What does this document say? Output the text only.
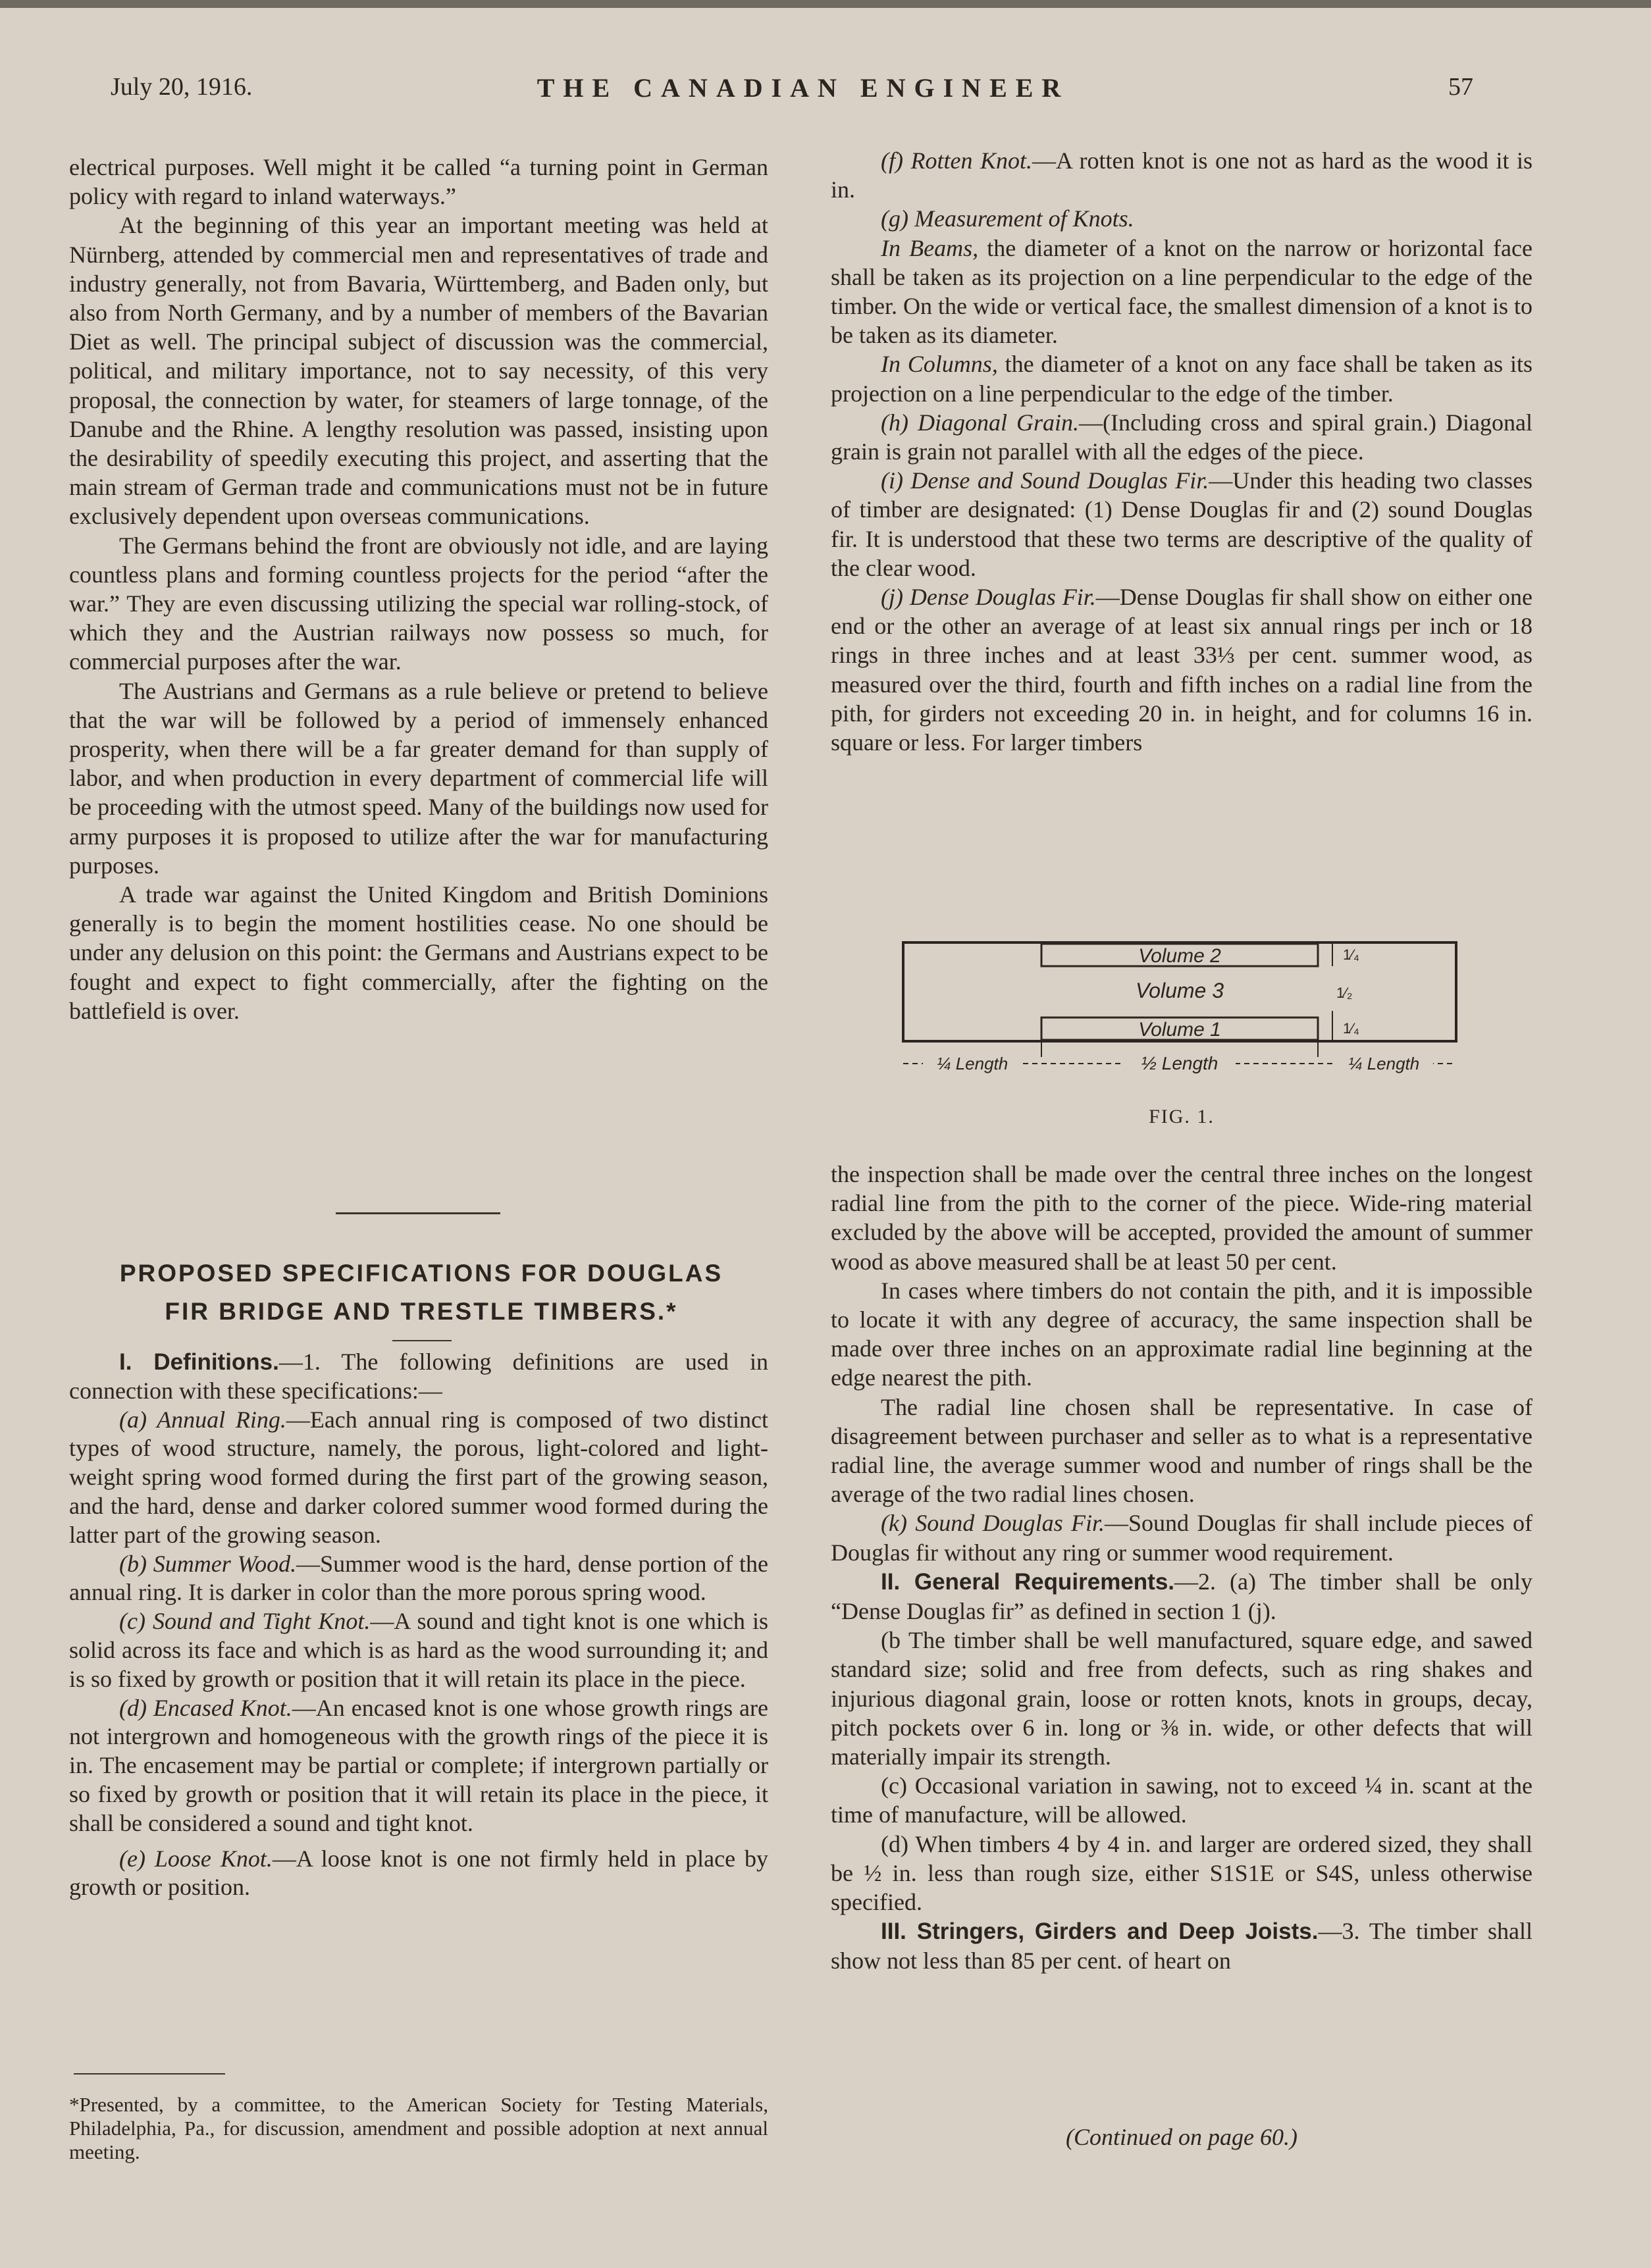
July 20, 1916.	THE CANADIAN ENGINEER	57

electrical purposes. Well might it be called “a turning point in German policy with regard to inland waterways.”

At the beginning of this year an important meeting was held at Nürnberg, attended by commercial men and representatives of trade and industry generally, not from Bavaria, Württemberg, and Baden only, but also from North Germany, and by a number of members of the Bavarian Diet as well. The principal subject of discussion was the commercial, political, and military importance, not to say necessity, of this very proposal, the connection by water, for steamers of large tonnage, of the Danube and the Rhine. A lengthy resolution was passed, insisting upon the desirability of speedily executing this project, and asserting that the main stream of German trade and communications must not be in future exclusively dependent upon overseas communications.

The Germans behind the front are obviously not idle, and are laying countless plans and forming countless projects for the period “after the war.” They are even discussing utilizing the special war rolling-stock, of which they and the Austrian railways now possess so much, for commercial purposes after the war.

The Austrians and Germans as a rule believe or pretend to believe that the war will be followed by a period of immensely enhanced prosperity, when there will be a far greater demand for than supply of labor, and when production in every department of commercial life will be proceeding with the utmost speed. Many of the buildings now used for army purposes it is proposed to utilize after the war for manufacturing purposes.

A trade war against the United Kingdom and British Dominions generally is to begin the moment hostilities cease. No one should be under any delusion on this point: the Germans and Austrians expect to be fought and expect to fight commercially, after the fighting on the battlefield is over.

PROPOSED SPECIFICATIONS FOR DOUGLAS
FIR BRIDGE AND TRESTLE TIMBERS.*

I. Definitions.—1. The following definitions are used in connection with these specifications:—

(a) Annual Ring.—Each annual ring is composed of two distinct types of wood structure, namely, the porous, light-colored and light-weight spring wood formed during the first part of the growing season, and the hard, dense and darker colored summer wood formed during the latter part of the growing season.

(b) Summer Wood.—Summer wood is the hard, dense portion of the annual ring. It is darker in color than the more porous spring wood.

(c) Sound and Tight Knot.—A sound and tight knot is one which is solid across its face and which is as hard as the wood surrounding it; and is so fixed by growth or position that it will retain its place in the piece.

(d) Encased Knot.—An encased knot is one whose growth rings are not intergrown and homogeneous with the growth rings of the piece it is in. The encasement may be partial or complete; if intergrown partially or so fixed by growth or position that it will retain its place in the piece, it shall be considered a sound and tight knot.

(e) Loose Knot.—A loose knot is one not firmly held in place by growth or position.

*Presented, by a committee, to the American Society for Testing Materials, Philadelphia, Pa., for discussion, amendment and possible adoption at next annual meeting.

(f) Rotten Knot.—A rotten knot is one not as hard as the wood it is in.

(g) Measurement of Knots.

In Beams, the diameter of a knot on the narrow or horizontal face shall be taken as its projection on a line perpendicular to the edge of the timber. On the wide or vertical face, the smallest dimension of a knot is to be taken as its diameter.

In Columns, the diameter of a knot on any face shall be taken as its projection on a line perpendicular to the edge of the timber.

(h) Diagonal Grain.—(Including cross and spiral grain.) Diagonal grain is grain not parallel with all the edges of the piece.

(i) Dense and Sound Douglas Fir.—Under this heading two classes of timber are designated: (1) Dense Douglas fir and (2) sound Douglas fir. It is understood that these two terms are descriptive of the quality of the clear wood.

(j) Dense Douglas Fir.—Dense Douglas fir shall show on either one end or the other an average of at least six annual rings per inch or 18 rings in three inches and at least 33⅓ per cent. summer wood, as measured over the third, fourth and fifth inches on a radial line from the pith, for girders not exceeding 20 in. in height, and for columns 16 in. square or less. For larger timbers

the inspection shall be made over the central three inches on the longest radial line from the pith to the corner of the piece. Wide-ring material excluded by the above will be accepted, provided the amount of summer wood as above measured shall be at least 50 per cent.

In cases where timbers do not contain the pith, and it is impossible to locate it with any degree of accuracy, the same inspection shall be made over three inches on an approximate radial line beginning at the edge nearest the pith.

The radial line chosen shall be representative. In case of disagreement between purchaser and seller as to what is a representative radial line, the average summer wood and number of rings shall be the average of the two radial lines chosen.

(k) Sound Douglas Fir.—Sound Douglas fir shall include pieces of Douglas fir without any ring or summer wood requirement.

II. General Requirements.—2. (a) The timber shall be only “Dense Douglas fir” as defined in section 1 (j).

(b The timber shall be well manufactured, square edge, and sawed standard size; solid and free from defects, such as ring shakes and injurious diagonal grain, loose or rotten knots, knots in groups, decay, pitch pockets over 6 in. long or ⅜ in. wide, or other defects that will materially impair its strength.

(c) Occasional variation in sawing, not to exceed ¼ in. scant at the time of manufacture, will be allowed.

(d) When timbers 4 by 4 in. and larger are ordered sized, they shall be ½ in. less than rough size, either S1S1E or S4S, unless otherwise specified.

III. Stringers, Girders and Deep Joists.—3. The timber shall show not less than 85 per cent. of heart on

Volume 2
Volume 3
Volume 1
1⁄₄
1⁄₂
1⁄₄
¼ Length	½ Length	¼ Length
FIG. 1.
(Continued on page 60.)
